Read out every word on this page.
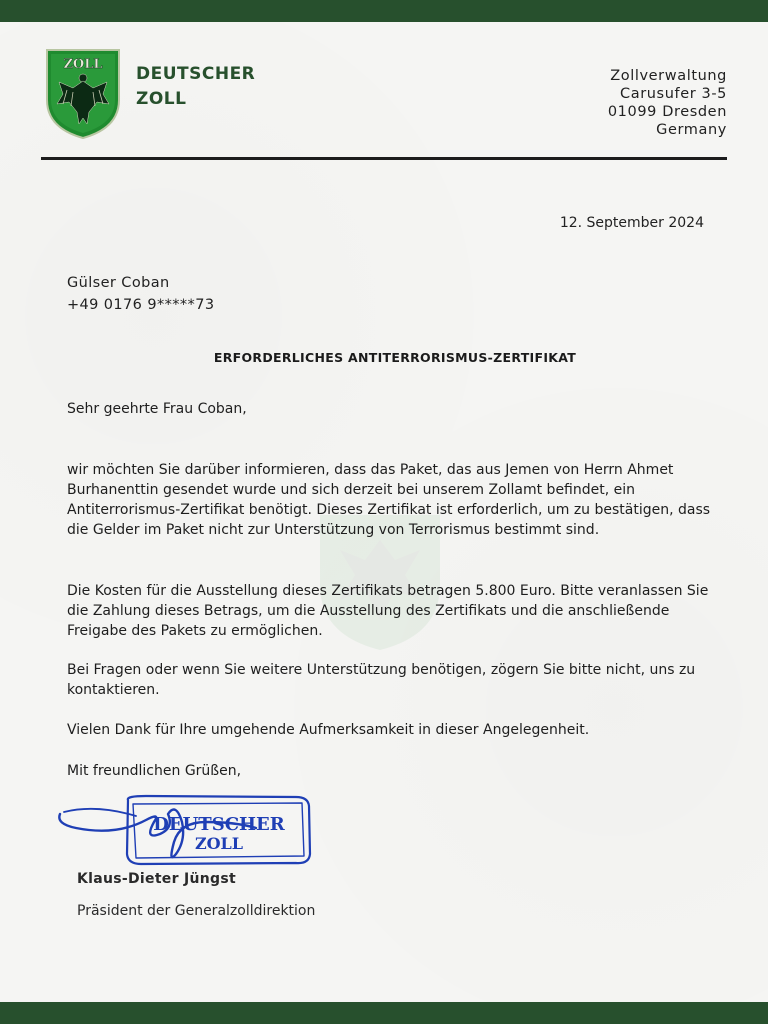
ZOLL DEUTSCHER
ZOLL
Zollverwaltung
Carusufer 3-5
01099 Dresden
Germany
12. September 2024
Gülser Coban
+49 0176 9*****73
ERFORDERLICHES ANTITERRORISMUS-ZERTIFIKAT
Sehr geehrte Frau Coban,
wir möchten Sie darüber informieren, dass das Paket, das aus Jemen von Herrn Ahmet Burhanenttin gesendet wurde und sich derzeit bei unserem Zollamt befindet, ein Antiterrorismus-Zertifikat benötigt. Dieses Zertifikat ist erforderlich, um zu bestätigen, dass die Gelder im Paket nicht zur Unterstützung von Terrorismus bestimmt sind.
Die Kosten für die Ausstellung dieses Zertifikats betragen 5.800 Euro. Bitte veranlassen Sie die Zahlung dieses Betrags, um die Ausstellung des Zertifikats und die anschließende Freigabe des Pakets zu ermöglichen.
Bei Fragen oder wenn Sie weitere Unterstützung benötigen, zögern Sie bitte nicht, uns zu kontaktieren.
Vielen Dank für Ihre umgehende Aufmerksamkeit in dieser Angelegenheit.
Mit freundlichen Grüßen,
DEUTSCHER
ZOLL
Klaus-Dieter Jüngst
Präsident der Generalzolldirektion
